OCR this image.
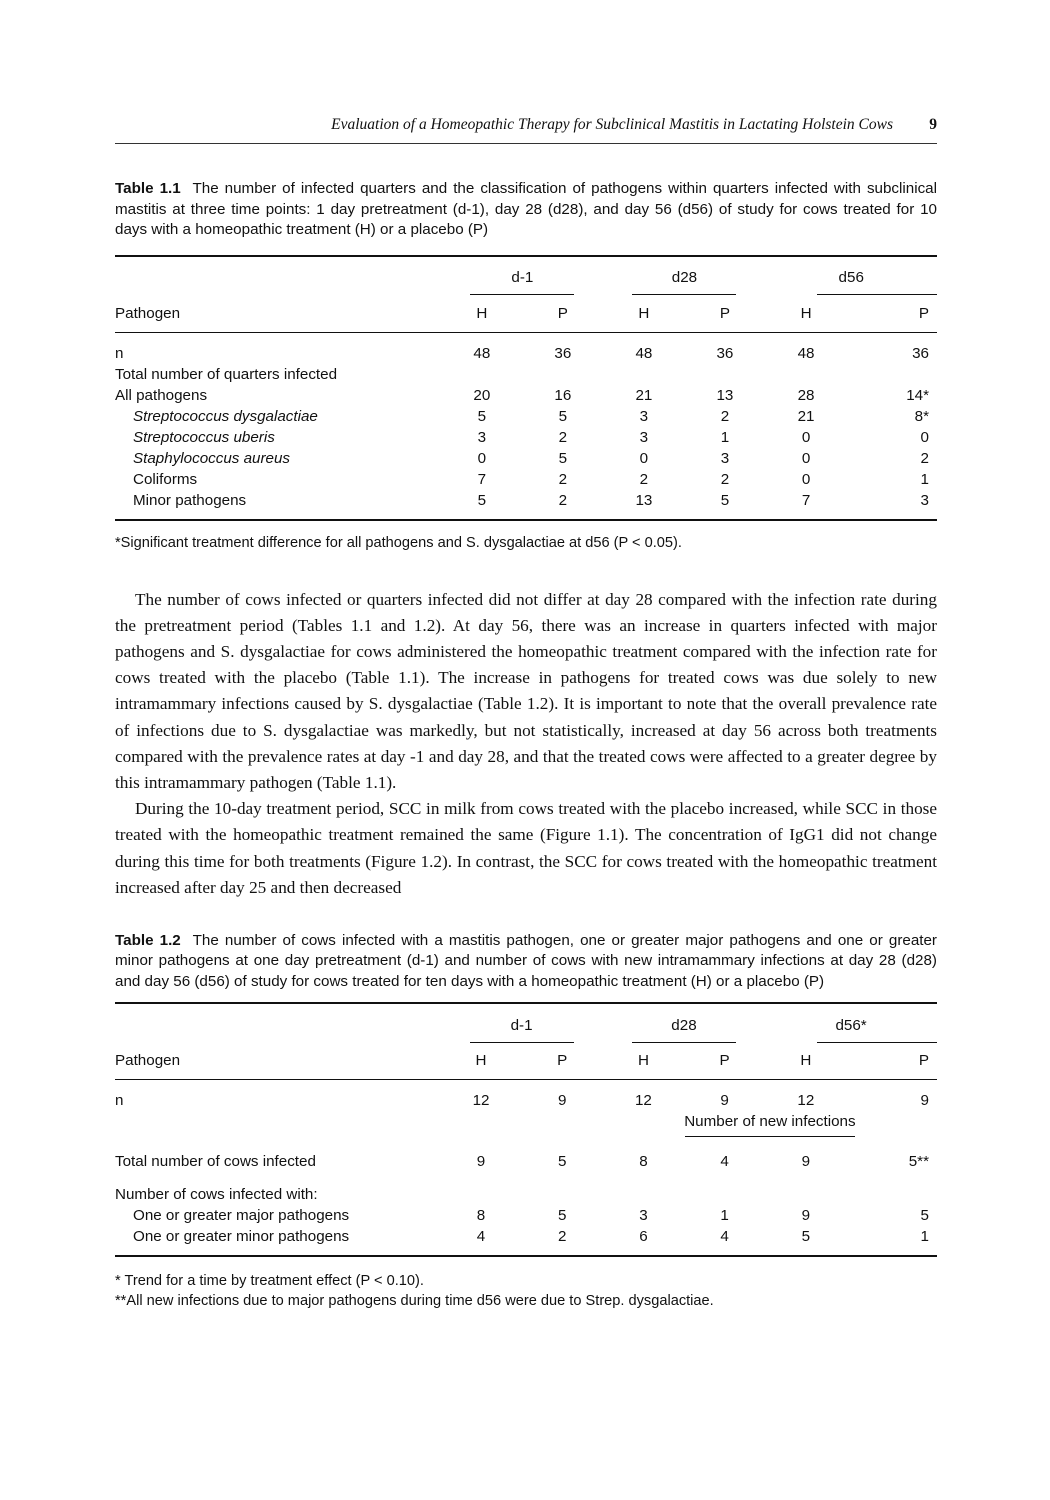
Evaluation of a Homeopathic Therapy for Subclinical Mastitis in Lactating Holstein Cows 9

Table 1.1 The number of infected quarters and the classification of pathogens within quarters infected with subclinical mastitis at three time points: 1 day pretreatment (d-1), day 28 (d28), and day 56 (d56) of study for cows treated for 10 days with a homeopathic treatment (H) or a placebo (P)

	d-1		d28		d56	

Pathogen	H	P	H	P	H	P
n	48	36	48	36	48	36
Total number of quarters infected						
All pathogens	20	16	21	13	28	14*
Streptococcus dysgalactiae	5	5	3	2	21	8*
Streptococcus uberis	3	2	3	1	0	0
Staphylococcus aureus	0	5	0	3	0	2
Coliforms	7	2	2	2	0	1
Minor pathogens	5	2	13	5	7	3

*Significant treatment difference for all pathogens and S. dysgalactiae at d56 (P < 0.05).

The number of cows infected or quarters infected did not differ at day 28 compared with the infection rate during the pretreatment period (Tables 1.1 and 1.2). At day 56, there was an increase in quarters infected with major pathogens and S. dysgalactiae for cows administered the homeopathic treatment compared with the infection rate for cows treated with the placebo (Table 1.1). The increase in pathogens for treated cows was due solely to new intramammary infections caused by S. dysgalactiae (Table 1.2). It is important to note that the overall prevalence rate of infections due to S. dysgalactiae was markedly, but not statistically, increased at day 56 across both treatments compared with the prevalence rates at day -1 and day 28, and that the treated cows were affected to a greater degree by this intramammary pathogen (Table 1.1).

During the 10-day treatment period, SCC in milk from cows treated with the placebo increased, while SCC in those treated with the homeopathic treatment remained the same (Figure 1.1). The concentration of IgG1 did not change during this time for both treatments (Figure 1.2). In contrast, the SCC for cows treated with the homeopathic treatment increased after day 25 and then decreased

Table 1.2 The number of cows infected with a mastitis pathogen, one or greater major pathogens and one or greater minor pathogens at one day pretreatment (d-1) and number of cows with new intramammary infections at day 28 (d28) and day 56 (d56) of study for cows treated for ten days with a homeopathic treatment (H) or a placebo (P)

	d-1		d28		d56*	

Pathogen	H	P	H	P	H	P
n	12	9	12	9	12	9
			Number of new infections			

Total number of cows infected	9	5	8	4	9	5**
Number of cows infected with:						
One or greater major pathogens	8	5	3	1	9	5
One or greater minor pathogens	4	2	6	4	5	1

* Trend for a time by treatment effect (P < 0.10).

**All new infections due to major pathogens during time d56 were due to Strep. dysgalactiae.
